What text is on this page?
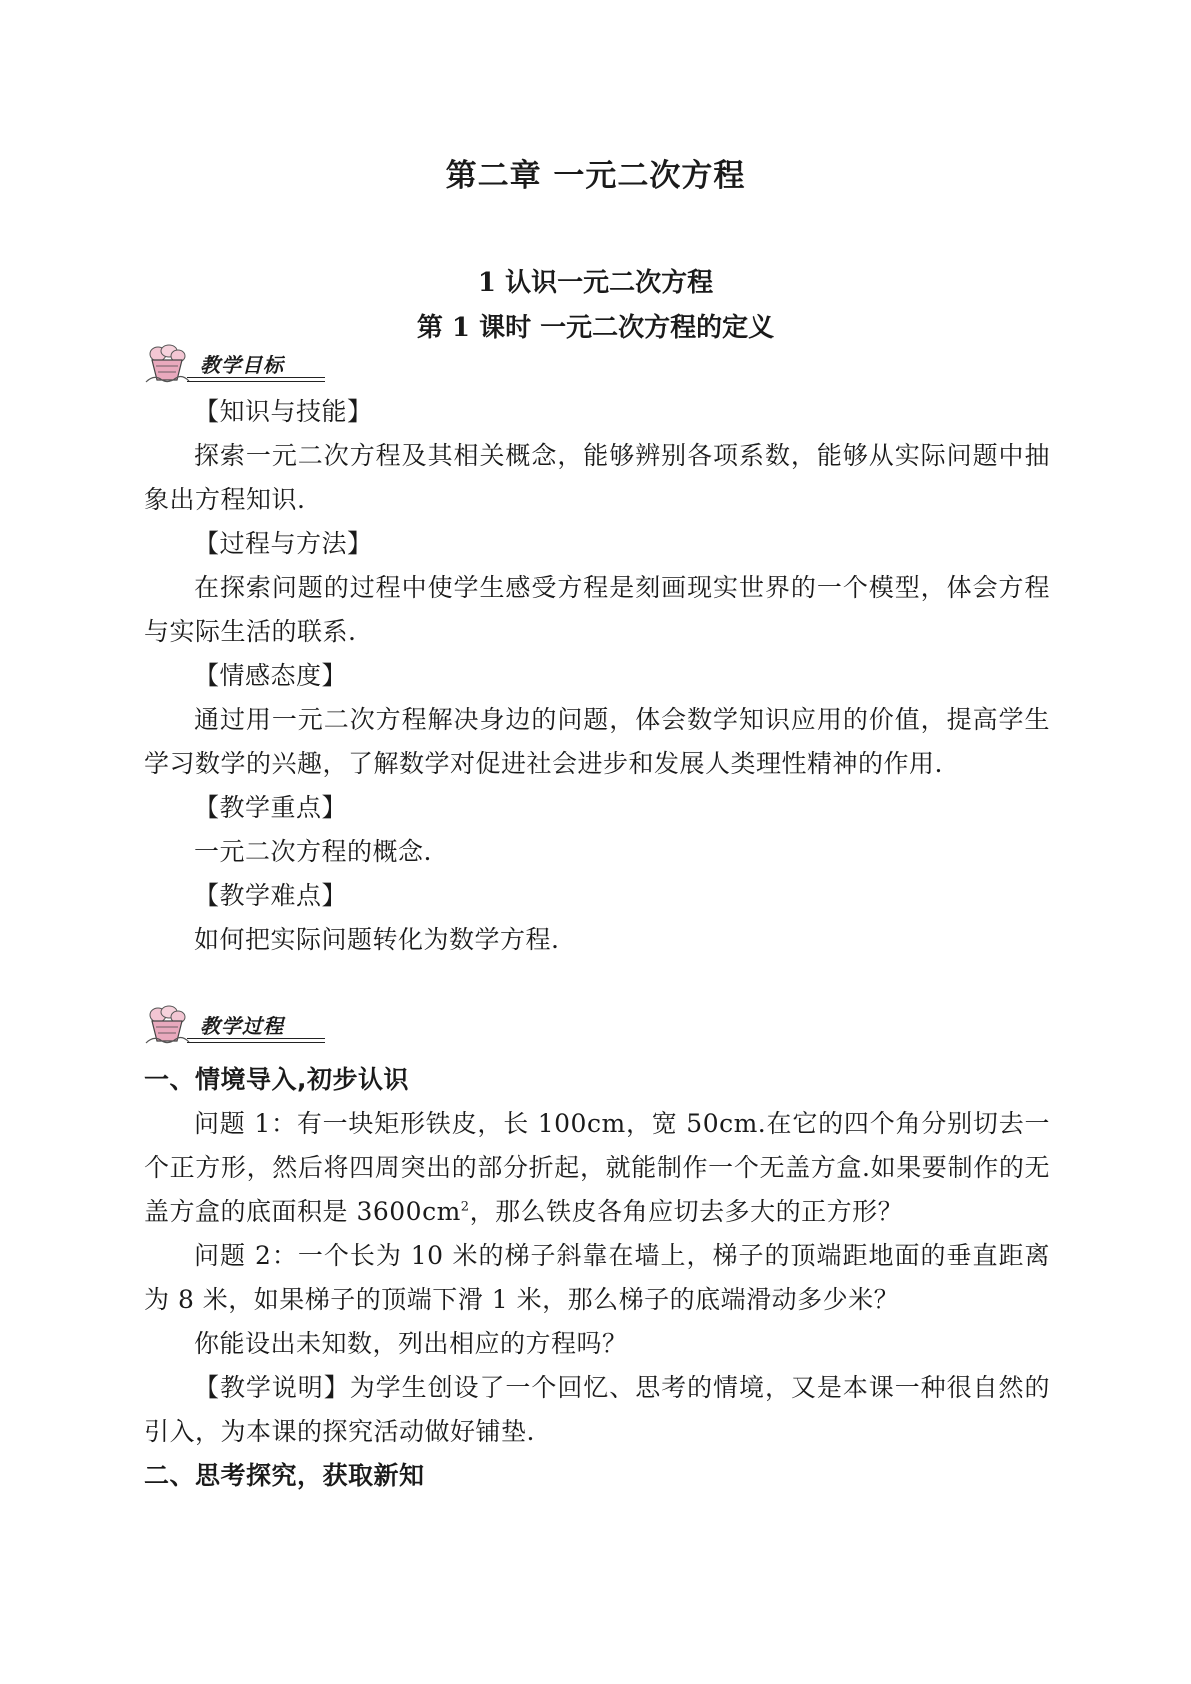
第二章 一元二次方程
1 认识一元二次方程
第 1 课时 一元二次方程的定义
教学目标

【知识与技能】

探索一元二次方程及其相关概念，能够辨别各项系数，能够从实际问题中抽象出方程知识.

【过程与方法】

在探索问题的过程中使学生感受方程是刻画现实世界的一个模型，体会方程与实际生活的联系.

【情感态度】

通过用一元二次方程解决身边的问题，体会数学知识应用的价值，提高学生学习数学的兴趣，了解数学对促进社会进步和发展人类理性精神的作用.

【教学重点】

一元二次方程的概念.

【教学难点】

如何把实际问题转化为数学方程.

教学过程

一、情境导入,初步认识

问题 1：有一块矩形铁皮，长 100cm，宽 50cm.在它的四个角分别切去一个正方形，然后将四周突出的部分折起，就能制作一个无盖方盒.如果要制作的无盖方盒的底面积是 $3600cm^2$，那么铁皮各角应切去多大的正方形？

问题 2：一个长为 10 米的梯子斜靠在墙上，梯子的顶端距地面的垂直距离为 8 米，如果梯子的顶端下滑 1 米，那么梯子的底端滑动多少米？

你能设出未知数，列出相应的方程吗？

【教学说明】为学生创设了一个回忆、思考的情境，又是本课一种很自然的引入，为本课的探究活动做好铺垫.

二、思考探究，获取新知
